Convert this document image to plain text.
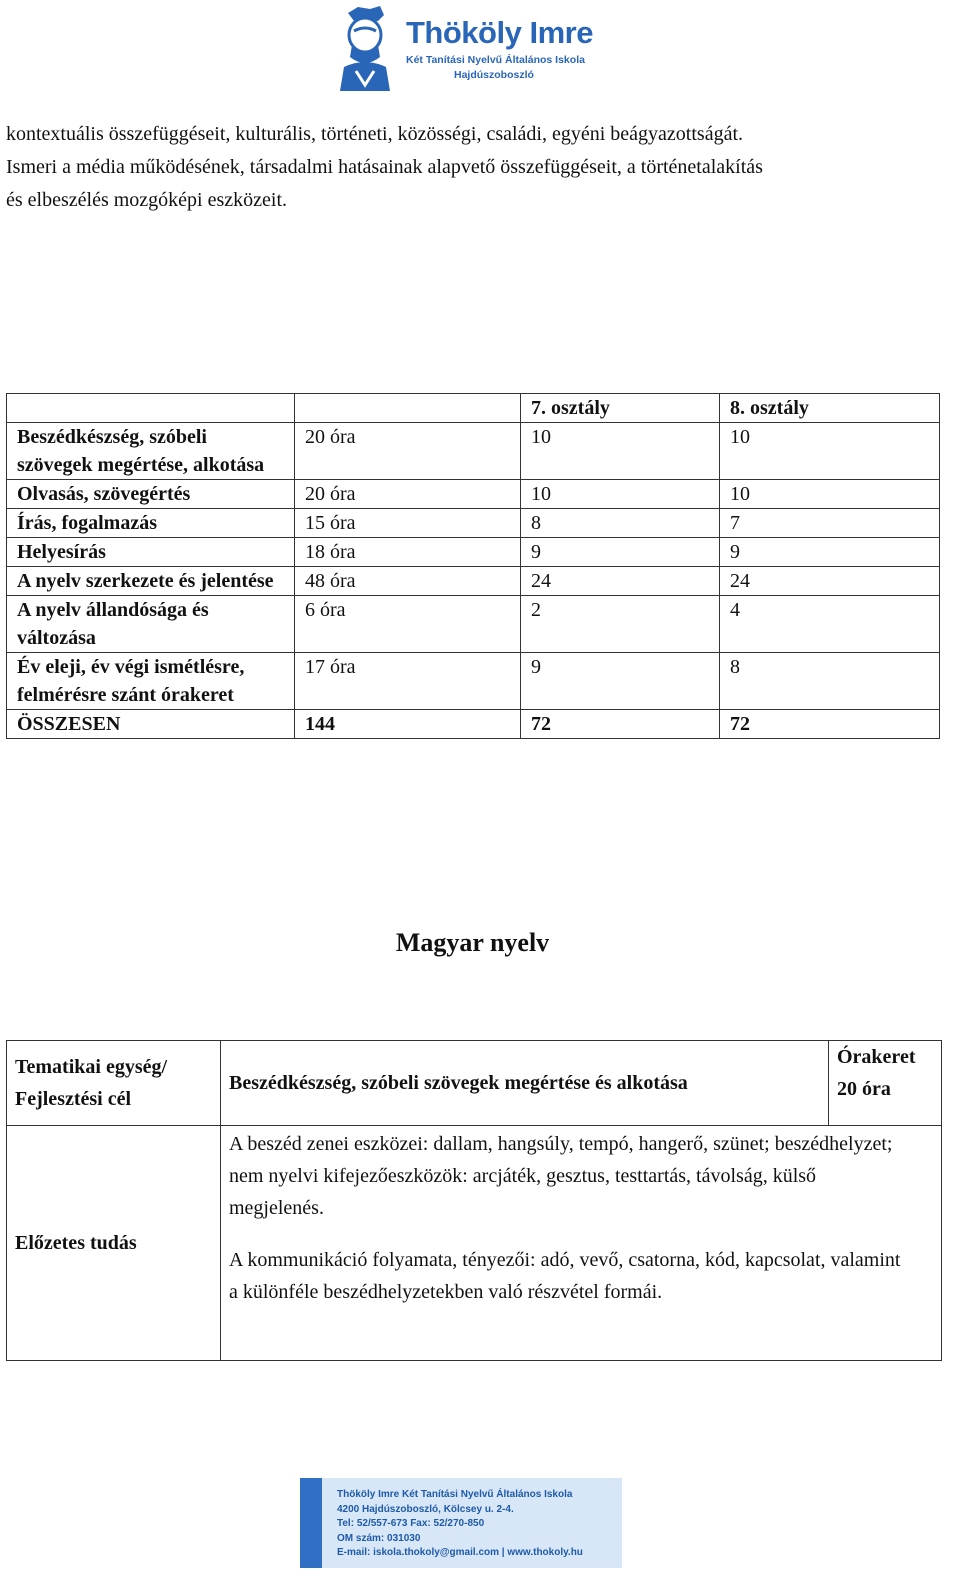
Thököly Imre
Két Tanítási Nyelvű Általános Iskola
Hajdúszoboszló
kontextuális összefüggéseit, kulturális, történeti, közösségi, családi, egyéni beágyazottságát.
Ismeri a média működésének, társadalmi hatásainak alapvető összefüggéseit, a történetalakítás
és elbeszélés mozgóképi eszközeit.
		7. osztály	8. osztály
Beszédkészség, szóbeli szövegek megértése, alkotása	20 óra	10	10
Olvasás, szövegértés	20 óra	10	10
Írás, fogalmazás	15 óra	8	7
Helyesírás	18 óra	9	9
A nyelv szerkezete és jelentése	48 óra	24	24
A nyelv állandósága és változása	6 óra	2	4
Év eleji, év végi ismétlésre, felmérésre szánt órakeret	17 óra	9	8
ÖSSZESEN	144	72	72
Magyar nyelv
Tematikai egység/ Fejlesztési cél	Beszédkészség, szóbeli szövegek megértése és alkotása	Órakeret
20 óra

Előzetes tudás	A beszéd zenei eszközei: dallam, hangsúly, tempó, hangerő, szünet; beszédhelyzet; nem nyelvi kifejezőeszközök: arcjáték, gesztus, testtartás, távolság, külső megjelenés.

A kommunikáció folyamata, tényezői: adó, vevő, csatorna, kód, kapcsolat, valamint a különféle beszédhelyzetekben való részvétel formái.	

Thököly Imre Két Tanítási Nyelvű Általános Iskola
4200 Hajdúszoboszló, Kölcsey u. 2-4.
Tel: 52/557-673 Fax: 52/270-850
OM szám: 031030
E-mail: iskola.thokoly@gmail.com | www.thokoly.hu
